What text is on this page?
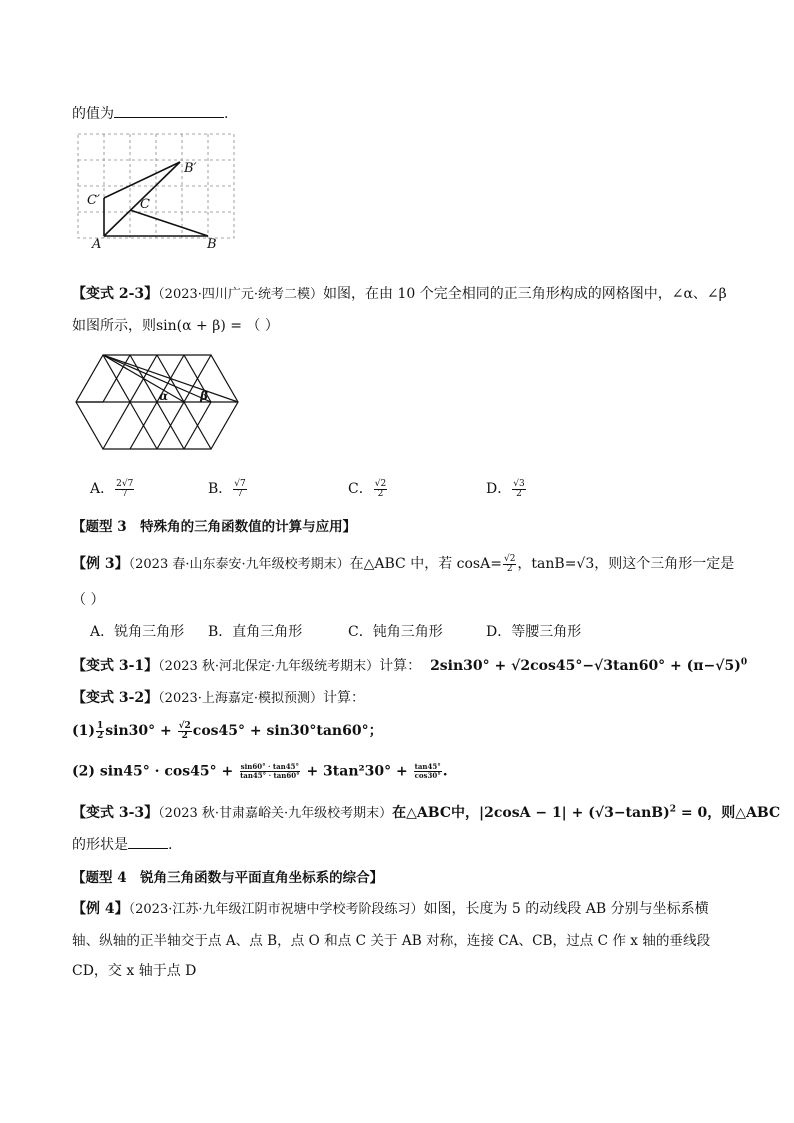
的值为	.
B′
C′	C
A	B
【变式 2-3】（2023·四川广元·统考二模）如图，在由 10 个完全相同的正三角形构成的网格图中，∠α、∠β
如图所示，则sin(α + β) = （ ）
α	β
A． $\frac{2√7}{7}$	B． $\frac{√7}{7}$	C． $\frac{√2}{2}$	D． $\frac{√3}{2}$
【题型 3　特殊角的三角函数值的计算与应用】
【例 3】（2023 春·山东泰安·九年级校考期末）在△ABC 中，若 $\cos A= \frac{√2}{2}$ ，tanB=√3，则这个三角形一定是
（ ）
A．锐角三角形 B．直角三角形	C．钝角三角形	D．等腰三角形
【变式 3-1】（2023 秋·河北保定·九年级统考期末）计算： $2\sin 30^\circ + √2\cos 45^\circ-√3\tan 60^\circ + (\pi-√5)^0$
【变式 3-2】（2023·上海嘉定·模拟预测）计算：
$(1) \frac{1}{2} \sin 30^\circ + \frac{√2}{2} \cos 45^\circ + \sin 30^\circ\tan 60^\circ$；
(2) $\sin 45^\circ \cdot \cos 45^\circ + \frac{\sin 60^\circ \cdot \tan 45^\circ}{\tan 45^\circ \cdot \tan 60^\circ} + 3\tan^230^\circ + \frac{\tan 45^\circ}{\cos 30^\circ}$ .
【变式 3-3】（2023 秋·甘肃嘉峪关·九年级校考期末）在△ABC中，$|2\cos A - 1| + (√3-\tan B)^2 = 0$，则△ABC
的形状是	.
【题型 4　锐角三角函数与平面直角坐标系的综合】
【例 4】（2023·江苏·九年级江阴市祝塘中学校考阶段练习）如图，长度为 5 的动线段 AB 分别与坐标系横
轴、纵轴的正半轴交于点 A、点 B，点 O 和点 C 关于 AB 对称，连接 CA、CB，过点 C 作 x 轴的垂线段
CD，交 x 轴于点 D
